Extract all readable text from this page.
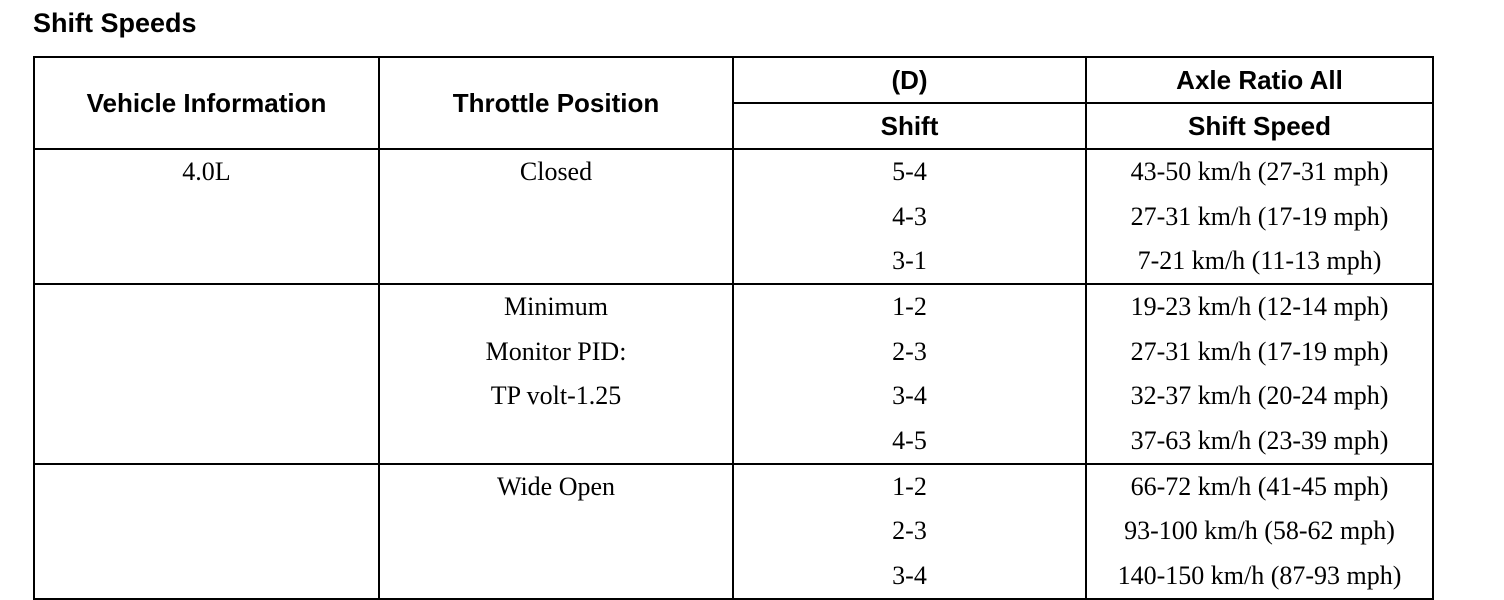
Shift Speeds
Vehicle Information	Throttle Position	(D)	Axle Ratio All
		Shift	Shift Speed
4.0L	Closed	5-4	43-50 km/h (27-31 mph)
		4-3	27-31 km/h (17-19 mph)
		3-1	7-21 km/h (11-13 mph)
	Minimum	1-2	19-23 km/h (12-14 mph)
	Monitor PID:	2-3	27-31 km/h (17-19 mph)
	TP volt-1.25	3-4	32-37 km/h (20-24 mph)
		4-5	37-63 km/h (23-39 mph)
	Wide Open	1-2	66-72 km/h (41-45 mph)
		2-3	93-100 km/h (58-62 mph)
		3-4	140-150 km/h (87-93 mph)
